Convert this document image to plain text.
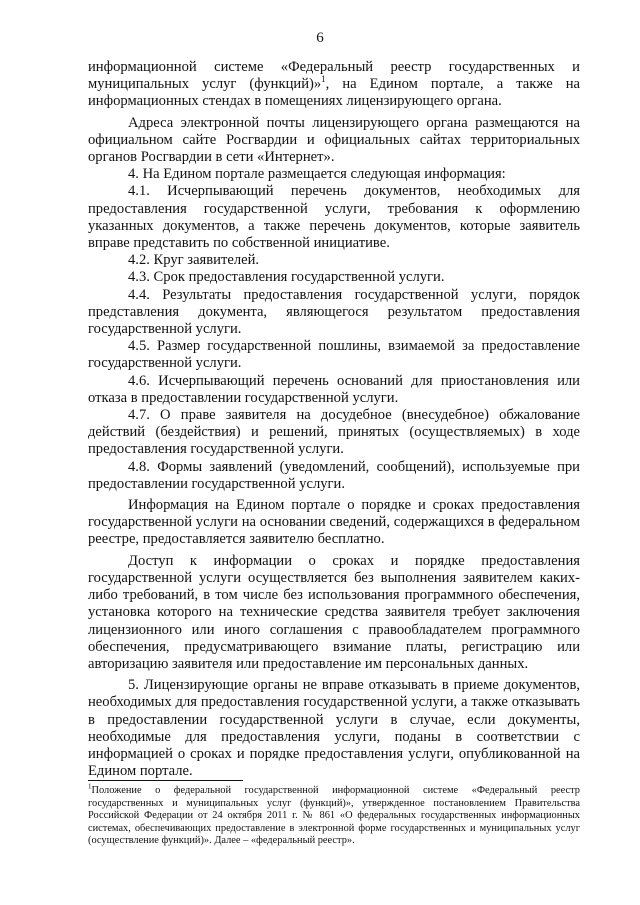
6

информационной системе «Федеральный реестр государственных и муниципальных услуг (функций)»$^1$, на Едином портале, а также на информационных стендах в помещениях лицензирующего органа.

Адреса электронной почты лицензирующего органа размещаются на официальном сайте Росгвардии и официальных сайтах территориальных органов Росгвардии в сети «Интернет».

4. На Едином портале размещается следующая информация:

4.1. Исчерпывающий перечень документов, необходимых для предоставления государственной услуги, требования к оформлению указанных документов, а также перечень документов, которые заявитель вправе представить по собственной инициативе.

4.2. Круг заявителей.

4.3. Срок предоставления государственной услуги.

4.4. Результаты предоставления государственной услуги, порядок представления документа, являющегося результатом предоставления государственной услуги.

4.5. Размер государственной пошлины, взимаемой за предоставление государственной услуги.

4.6. Исчерпывающий перечень оснований для приостановления или отказа в предоставлении государственной услуги.

4.7. О праве заявителя на досудебное (внесудебное) обжалование действий (бездействия) и решений, принятых (осуществляемых) в ходе предоставления государственной услуги.

4.8. Формы заявлений (уведомлений, сообщений), используемые при предоставлении государственной услуги.

Информация на Едином портале о порядке и сроках предоставления государственной услуги на основании сведений, содержащихся в федеральном реестре, предоставляется заявителю бесплатно.

Доступ к информации о сроках и порядке предоставления государственной услуги осуществляется без выполнения заявителем каких-либо требований, в том числе без использования программного обеспечения, установка которого на технические средства заявителя требует заключения лицензионного или иного соглашения с правообладателем программного обеспечения, предусматривающего взимание платы, регистрацию или авторизацию заявителя или предоставление им персональных данных.

5. Лицензирующие органы не вправе отказывать в приеме документов, необходимых для предоставления государственной услуги, а также отказывать в предоставлении государственной услуги в случае, если документы, необходимые для предоставления услуги, поданы в соответствии с информацией о сроках и порядке предоставления услуги, опубликованной на Едином портале.

$^1$Положение о федеральной государственной информационной системе «Федеральный реестр государственных и муниципальных услуг (функций)», утвержденное постановлением Правительства Российской Федерации от 24 октября 2011 г. № 861 «О федеральных государственных информационных системах, обеспечивающих предоставление в электронной форме государственных и муниципальных услуг (осуществление функций)». Далее – «федеральный реестр».
